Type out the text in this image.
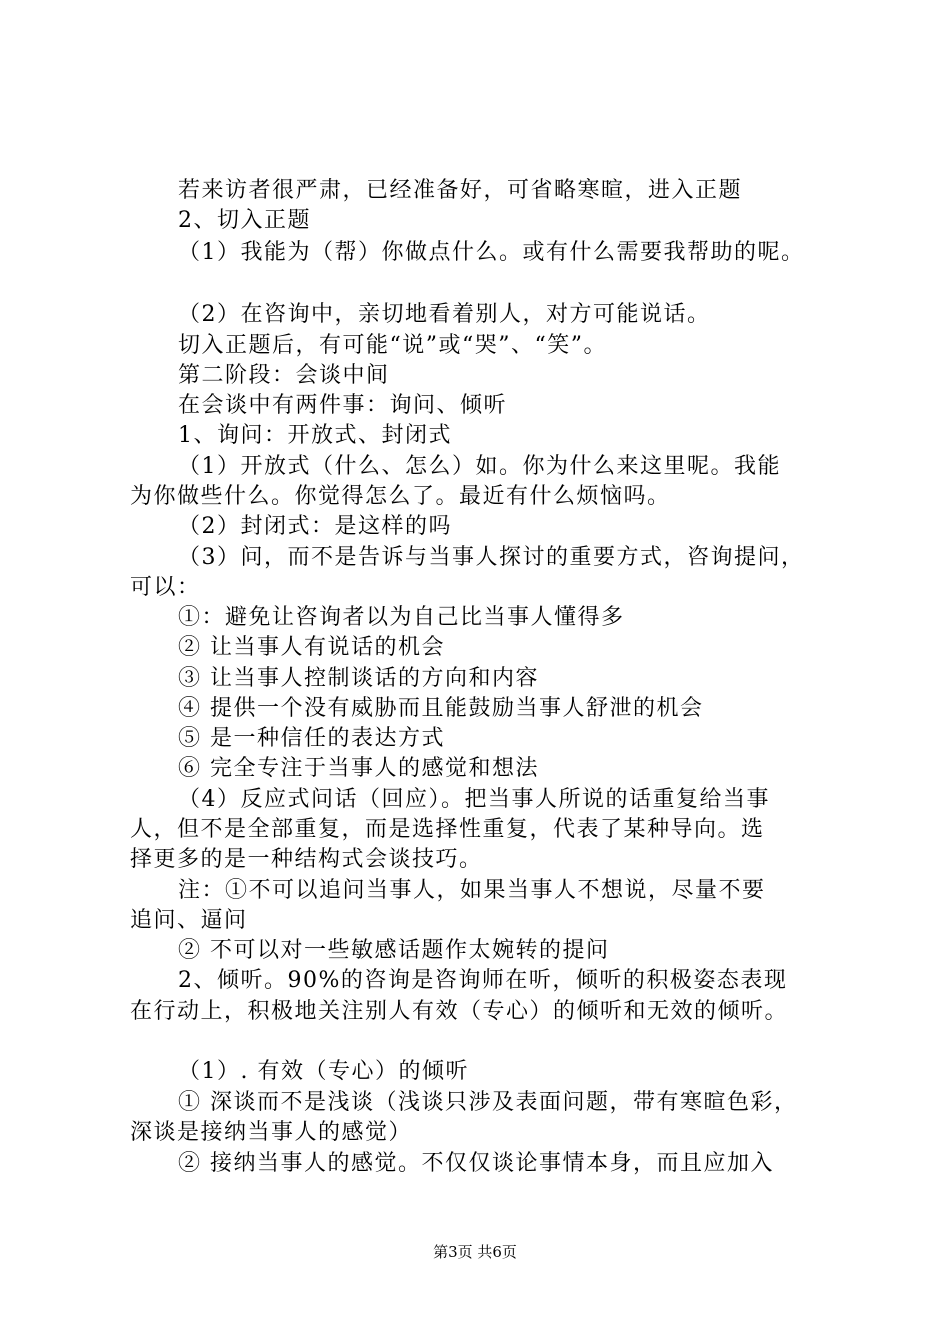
若来访者很严肃，已经准备好，可省略寒暄，进入正题
2、切入正题
（1）我能为（帮）你做点什么。或有什么需要我帮助的呢。
（2）在咨询中，亲切地看着别人，对方可能说话。
切入正题后，有可能“说”或“哭”、“笑”。
第二阶段：会谈中间
在会谈中有两件事：询问、倾听
1、询问：开放式、封闭式
（1）开放式（什么、怎么）如。你为什么来这里呢。我能
为你做些什么。你觉得怎么了。最近有什么烦恼吗。
（2）封闭式：是这样的吗
（3）问，而不是告诉与当事人探讨的重要方式，咨询提问，
可以：
①：避免让咨询者以为自己比当事人懂得多
② 让当事人有说话的机会
③ 让当事人控制谈话的方向和内容
④ 提供一个没有威胁而且能鼓励当事人舒泄的机会
⑤ 是一种信任的表达方式
⑥ 完全专注于当事人的感觉和想法
（4）反应式问话（回应）。把当事人所说的话重复给当事
人，但不是全部重复，而是选择性重复，代表了某种导向。选
择更多的是一种结构式会谈技巧。
注：①不可以追问当事人，如果当事人不想说，尽量不要
追问、逼问
② 不可以对一些敏感话题作太婉转的提问
2、倾听。90%的咨询是咨询师在听，倾听的积极姿态表现
在行动上，积极地关注别人有效（专心）的倾听和无效的倾听。
（1）. 有效（专心）的倾听
① 深谈而不是浅谈（浅谈只涉及表面问题，带有寒暄色彩，
深谈是接纳当事人的感觉）
② 接纳当事人的感觉。不仅仅谈论事情本身，而且应加入
第3页 共6页
